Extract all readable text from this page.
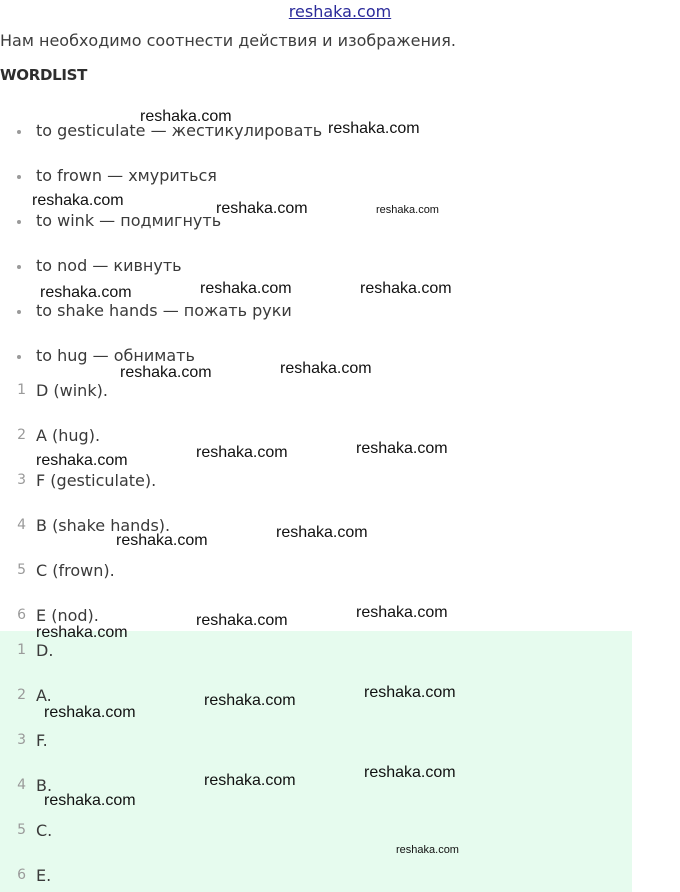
reshaka.com
Нам необходимо соотнести действия и изображения.
WORDLIST
to gesticulate — жестикулировать
to frown — хмуриться
to wink — подмигнуть
to nod — кивнуть
to shake hands — пожать руки
to hug — обнимать
1 D (wink).
2 A (hug).
3 F (gesticulate).
4 B (shake hands).
5 C (frown).
6 E (nod).
1 D.
2 A.
3 F.
4 B.
5 C.
6 E.
reshaka.com
reshaka.com
reshaka.com	reshaka.com	reshaka.com
reshaka.com	reshaka.com	reshaka.com
reshaka.com	reshaka.com
reshaka.com	reshaka.com	reshaka.com
reshaka.com	reshaka.com
reshaka.com
reshaka.com	reshaka.com
reshaka.com
reshaka.com	reshaka.com
reshaka.com
reshaka.com	reshaka.com
reshaka.com
